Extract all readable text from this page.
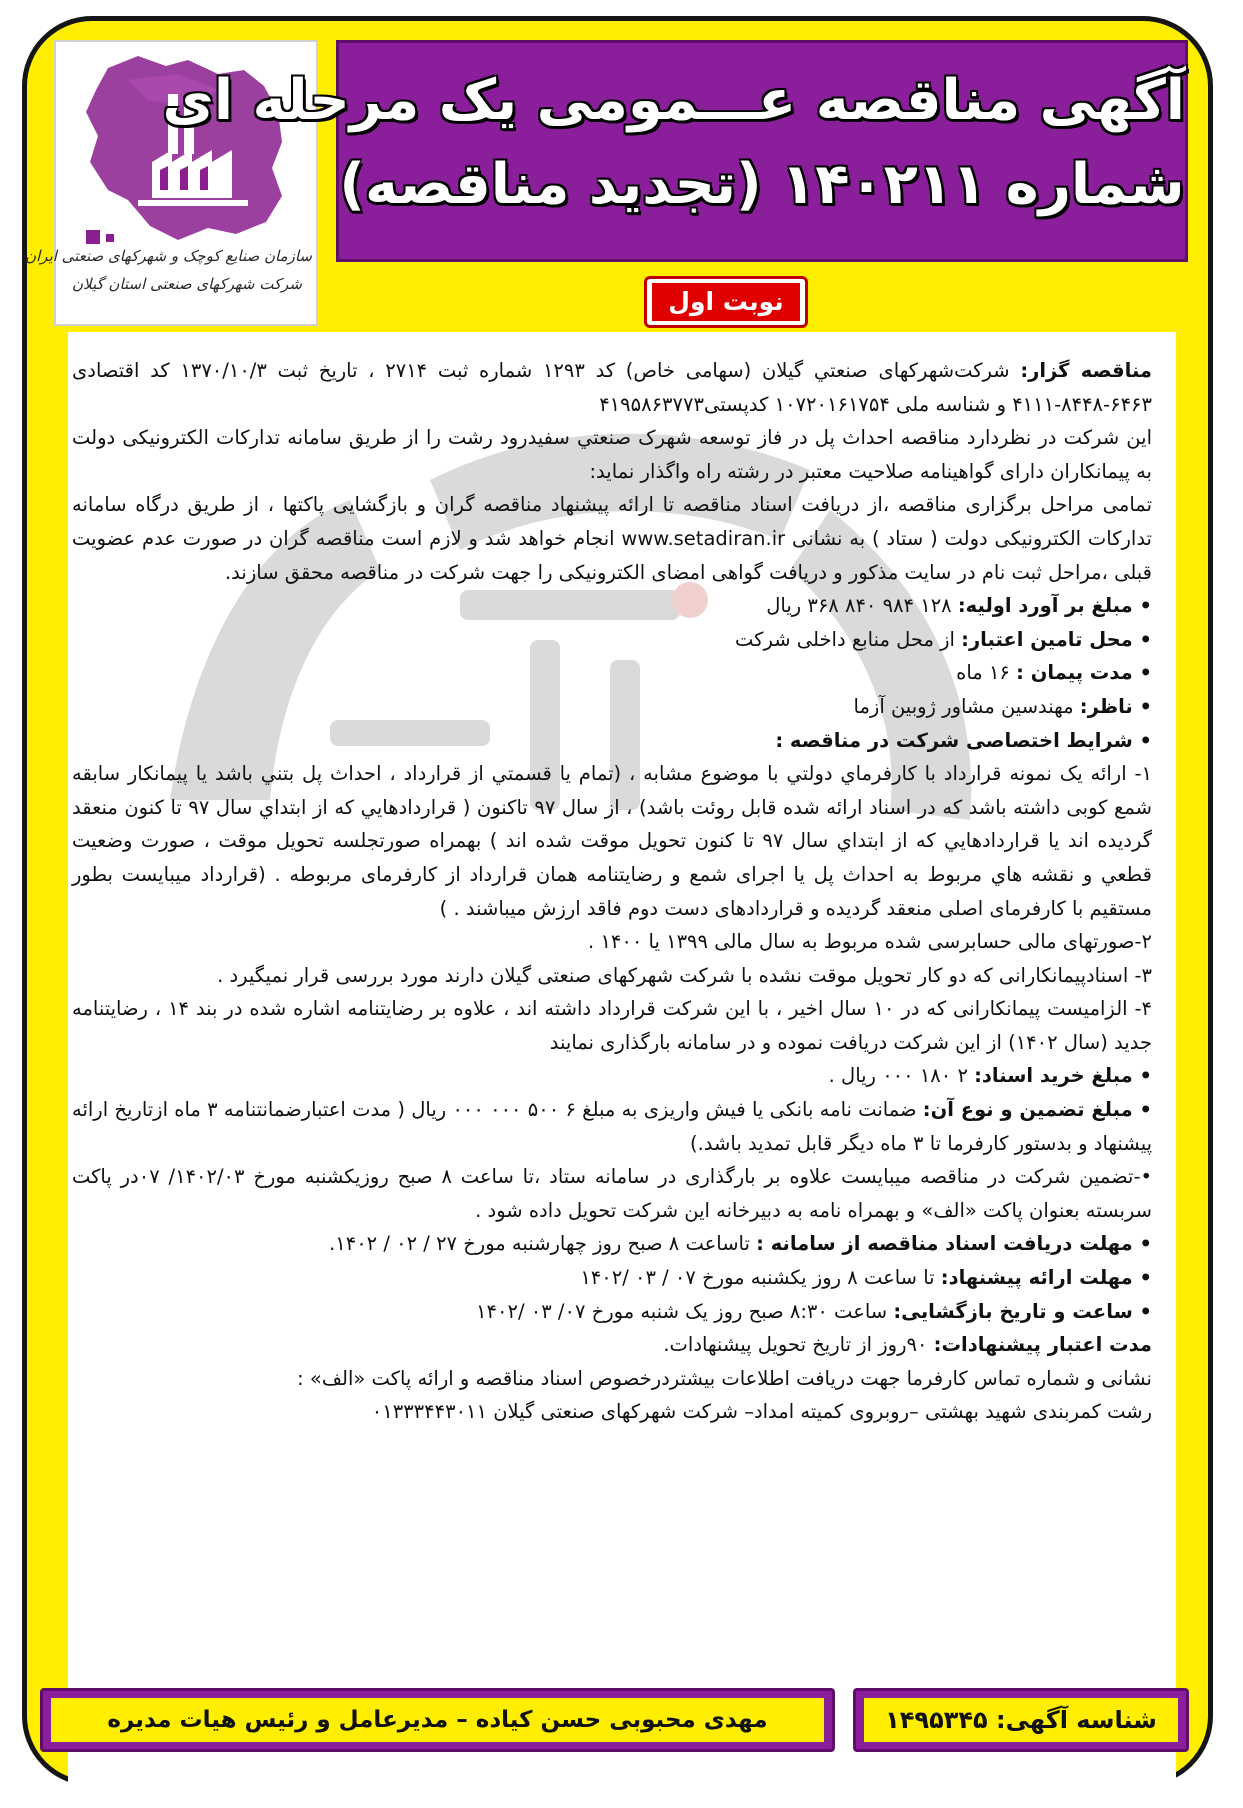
سازمان صنایع کوچک و شهرکهای صنعتی ایران
شرکت شهرکهای صنعتی استان گیلان
آگهی مناقصه عـــمومی یک مرحله ای
شماره ۱۴۰۲۱۱ (تجدید مناقصه)
نوبت اول

مناقصه گزار: شرکت‌شهرکهای صنعتي گيلان (سهامی خاص) کد ۱۲۹۳ شماره ثبت ۲۷۱۴ ، تاريخ ثبت ۱۳۷۰/۱۰/۳ کد اقتصادی ۶۴۶۳-۸۴۴۸-۴۱۱۱ و شناسه ملی ۱۰۷۲۰۱۶۱۷۵۴ کدپستی۴۱۹۵۸۶۳۷۷۳

اين شرکت در نظردارد مناقصه احداث پل در فاز توسعه شهرک صنعتي سفيدرود رشت را از طريق سامانه تدارکات الکترونيکی دولت به پيمانکاران دارای گواهينامه صلاحيت معتبر در رشته راه واگذار نمايد:

تمامی مراحل برگزاری مناقصه ،از دريافت اسناد مناقصه تا ارائه پيشنهاد مناقصه گران و بازگشايی پاکتها ، از طريق درگاه سامانه تدارکات الکترونيکی دولت ( ستاد ) به نشانی www.setadiran.ir انجام خواهد شد و لازم است مناقصه گران در صورت عدم عضويت قبلی ،مراحل ثبت نام در سايت مذکور و دريافت گواهی امضای الکترونيکی را جهت شرکت در مناقصه محقق سازند.

• مبلغ بر آورد اوليه: ۱۲۸ ۹۸۴ ۸۴۰ ۳۶۸ ريال

• محل تامين اعتبار: از محل منابع داخلی شرکت

• مدت پيمان : ۱۶ ماه

• ناظر: مهندسين مشاور ژوبين آزما

• شرايط اختصاصی شرکت در مناقصه :

۱- ارائه يک نمونه قرارداد با کارفرماي دولتي با موضوع مشابه ، (تمام يا قسمتي از قرارداد ، احداث پل بتني باشد يا پيمانکار سابقه شمع کوبی داشته باشد که در اسناد ارائه شده قابل روئت باشد) ، از سال ۹۷ تاکنون ( قراردادهايي که از ابتداي سال ۹۷ تا کنون منعقد گرديده اند يا قراردادهايي که از ابتداي سال ۹۷ تا کنون تحويل موقت شده اند ) بهمراه صورتجلسه تحويل موقت ، صورت وضعيت قطعي و نقشه هاي مربوط به احداث پل يا اجرای شمع و رضايتنامه همان قرارداد از کارفرمای مربوطه . (قرارداد ميبايست بطور مستقيم با کارفرمای اصلی منعقد گرديده و قراردادهای دست دوم فاقد ارزش ميباشند . )

۲-صورتهای مالی حسابرسی شده مربوط به سال مالی ۱۳۹۹ يا ۱۴۰۰ .

۳- اسنادپيمانکارانی که دو کار تحويل موقت نشده با شرکت شهرکهای صنعتی گيلان دارند مورد بررسی قرار نميگيرد .

۴- الزاميست پيمانکارانی که در ۱۰ سال اخير ، با اين شرکت قرارداد داشته اند ، علاوه بر رضايتنامه اشاره شده در بند ۱۴ ، رضايتنامه جديد (سال ۱۴۰۲) از اين شرکت دريافت نموده و در سامانه بارگذاری نمايند

• مبلغ خريد اسناد: ۲ ۱۸۰ ۰۰۰ ريال .

• مبلغ تضمين و نوع آن: ضمانت نامه بانکی يا فيش واريزی به مبلغ ۶ ۵۰۰ ۰۰۰ ۰۰۰ ريال ( مدت اعتبارضمانتنامه ۳ ماه ازتاريخ ارائه پيشنهاد و بدستور کارفرما تا ۳ ماه ديگر قابل تمديد باشد.)

•-تضمين شرکت در مناقصه ميبايست علاوه بر بارگذاری در سامانه ستاد ،تا ساعت ۸ صبح روزيکشنبه مورخ ۱۴۰۲/۰۳/ ۰۷در پاکت سربسته بعنوان پاکت «الف» و بهمراه نامه به دبيرخانه اين شرکت تحويل داده شود .

• مهلت دريافت اسناد مناقصه از سامانه : تاساعت ۸ صبح روز چهارشنبه مورخ ۲۷ / ۰۲ / ۱۴۰۲.

• مهلت ارائه پيشنهاد: تا ساعت ۸ روز يکشنبه مورخ ۰۷ / ۰۳ /۱۴۰۲

• ساعت و تاريخ بازگشايی: ساعت ۸:۳۰ صبح روز يک شنبه مورخ ۰۷/ ۰۳ /۱۴۰۲

مدت اعتبار پيشنهادات: ۹۰روز از تاريخ تحويل پيشنهادات.

نشانی و شماره تماس کارفرما جهت دريافت اطلاعات بيشتردرخصوص اسناد مناقصه و ارائه پاکت «الف» :

رشت کمربندی شهيد بهشتی –روبروی کميته امداد– شرکت شهرکهای صنعتی گيلان ۰۱۳۳۳۴۴۳۰۱۱

مهدی محبوبی حسن کیاده – مدیرعامل و رئیس هیات مدیره	شناسه آگهی: ۱۴۹۵۳۴۵
